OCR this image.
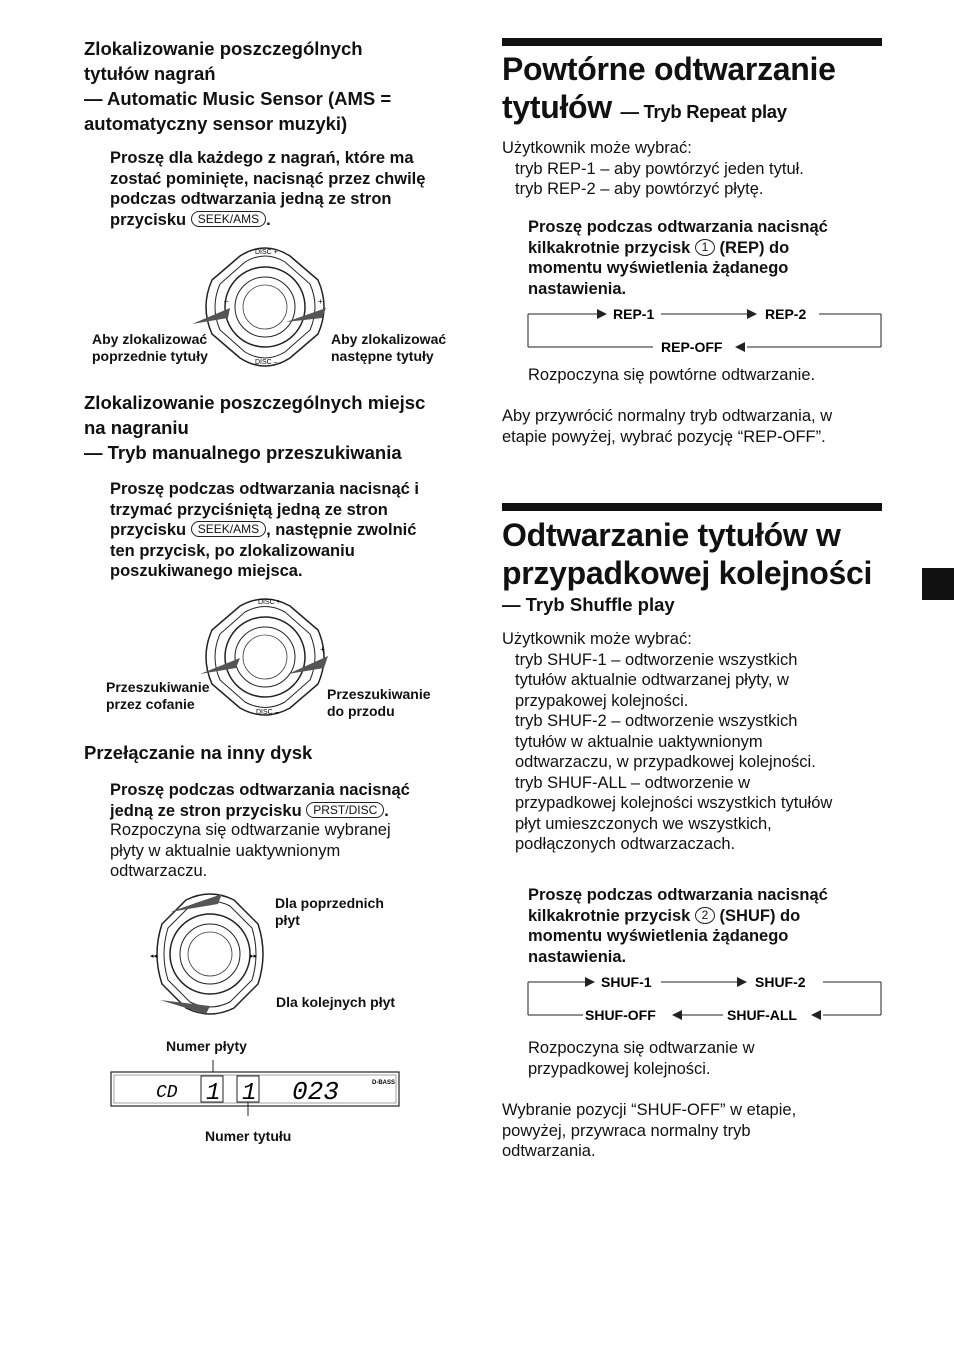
Zlokalizowanie poszczególnych
tytułów nagrań
— Automatic Music Sensor (AMS =
automatyczny sensor muzyki)
Proszę dla każdego z nagrań, które ma
zostać pominięte, nacisnąć przez chwilę
podczas odtwarzania jedną ze stron
przycisku SEEK/AMS .
DISC +
DISC –
–	+
Aby zlokalizować
poprzednie tytuły
Aby zlokalizować
następne tytuły
Zlokalizowanie poszczególnych miejsc
na nagraniu
— Tryb manualnego przeszukiwania
Proszę podczas odtwarzania nacisnąć i
trzymać przyciśniętą jedną ze stron
przycisku SEEK/AMS , następnie zwolnić
ten przycisk, po zlokalizowaniu
poszukiwanego miejsca.
DISC +
DISC –
+
Przeszukiwanie
przez cofanie
Przeszukiwanie
do przodu
Przełączanie na inny dysk
Proszę podczas odtwarzania nacisnąć
jedną ze stron przycisku PRST/DISC .
Rozpoczyna się odtwarzanie wybranej
płyty w aktualnie uaktywnionym
odtwarzaczu.
◂◂	▸▸
Dla poprzednich
płyt
Dla kolejnych płyt
Numer płyty
CD 1 1 023	D-BASS
Numer tytułu
Powtórne odtwarzanie
tytułów — Tryb Repeat play
Użytkownik może wybrać:
tryb REP-1 – aby powtórzyć jeden tytuł.
tryb REP-2 – aby powtórzyć płytę.
Proszę podczas odtwarzania nacisnąć
kilkakrotnie przycisk 1 (REP) do
momentu wyświetlenia żądanego
nastawienia.
REP-1	REP-2
REP-OFF
Rozpoczyna się powtórne odtwarzanie.
Aby przywrócić normalny tryb odtwarzania, w
etapie powyżej, wybrać pozycję “REP-OFF”.
Odtwarzanie tytułów w
przypadkowej kolejności
— Tryb Shuffle play
Użytkownik może wybrać:
tryb SHUF-1 – odtworzenie wszystkich
tytułów aktualnie odtwarzanej płyty, w
przypakowej kolejności.
tryb SHUF-2 – odtworzenie wszystkich
tytułów w aktualnie uaktywnionym
odtwarzaczu, w przypadkowej kolejności.
tryb SHUF-ALL – odtworzenie w
przypadkowej kolejności wszystkich tytułów
płyt umieszczonych we wszystkich,
podłączonych odtwarzaczach.
Proszę podczas odtwarzania nacisnąć
kilkakrotnie przycisk 2 (SHUF) do
momentu wyświetlenia żądanego
nastawienia.
SHUF-1	SHUF-2
SHUF-OFF	SHUF-ALL
Rozpoczyna się odtwarzanie w
przypadkowej kolejności.
Wybranie pozycji “SHUF-OFF” w etapie,
powyżej, przywraca normalny tryb
odtwarzania.
